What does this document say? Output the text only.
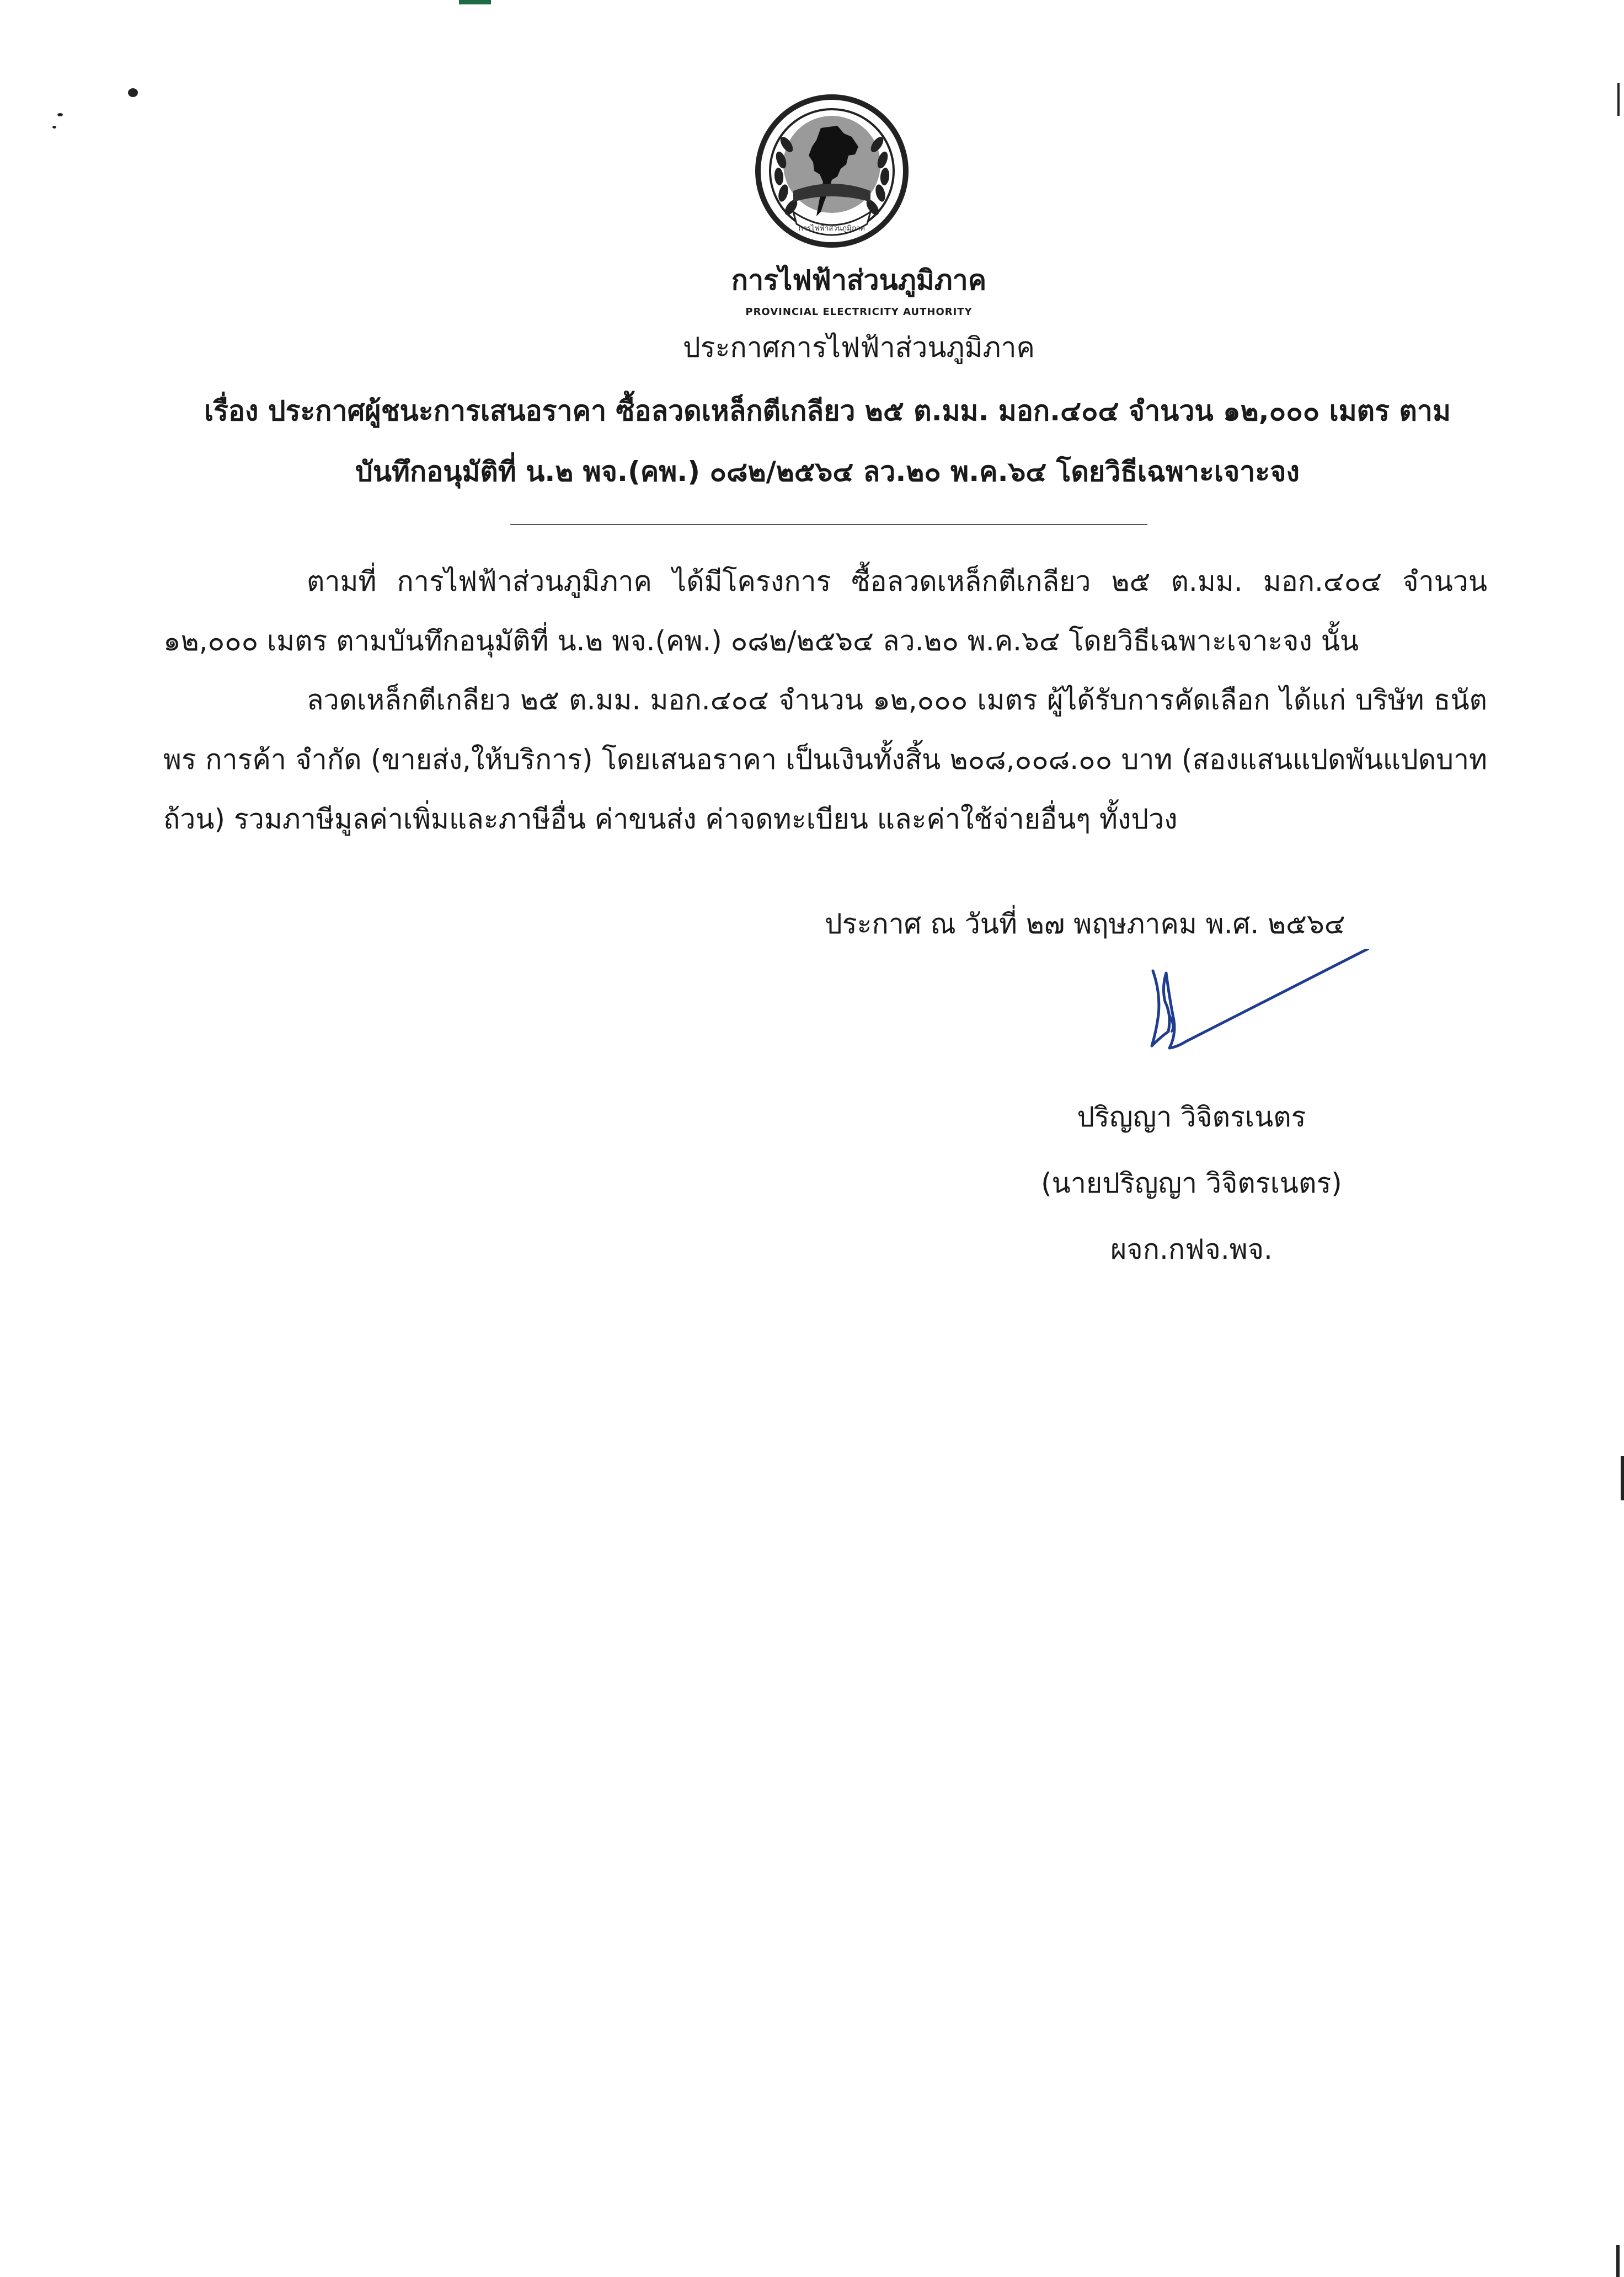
การไฟฟ้าส่วนภูมิภาค
การไฟฟ้าส่วนภูมิภาค
PROVINCIAL ELECTRICITY AUTHORITY
ประกาศการไฟฟ้าส่วนภูมิภาค
เรื่อง ประกาศผู้ชนะการเสนอราคา ซื้อลวดเหล็กตีเกลียว ๒๕ ต.มม. มอก.๔๐๔ จำนวน ๑๒,๐๐๐ เมตร ตาม
บันทึกอนุมัติที่ น.๒ พจ.(คพ.) ๐๘๒/๒๕๖๔ ลว.๒๐ พ.ค.๖๔ โดยวิธีเฉพาะเจาะจง

ตามที่ การไฟฟ้าส่วนภูมิภาค ได้มีโครงการ ซื้อลวดเหล็กตีเกลียว ๒๕ ต.มม. มอก.๔๐๔ จำนวน ๑๒,๐๐๐ เมตร ตามบันทึกอนุมัติที่ น.๒ พจ.(คพ.) ๐๘๒/๒๕๖๔ ลว.๒๐ พ.ค.๖๔ โดยวิธีเฉพาะเจาะจง นั้น

ลวดเหล็กตีเกลียว ๒๕ ต.มม. มอก.๔๐๔ จำนวน ๑๒,๐๐๐ เมตร ผู้ได้รับการคัดเลือก ได้แก่ บริษัท ธนัตพร การค้า จำกัด (ขายส่ง,ให้บริการ) โดยเสนอราคา เป็นเงินทั้งสิ้น ๒๐๘,๐๐๘.๐๐ บาท (สองแสนแปดพันแปดบาทถ้วน) รวมภาษีมูลค่าเพิ่มและภาษีอื่น ค่าขนส่ง ค่าจดทะเบียน และค่าใช้จ่ายอื่นๆ ทั้งปวง

ประกาศ ณ วันที่ ๒๗ พฤษภาคม พ.ศ. ๒๕๖๔
ปริญญา วิจิตรเนตร
(นายปริญญา วิจิตรเนตร)
ผจก.กฟจ.พจ.
